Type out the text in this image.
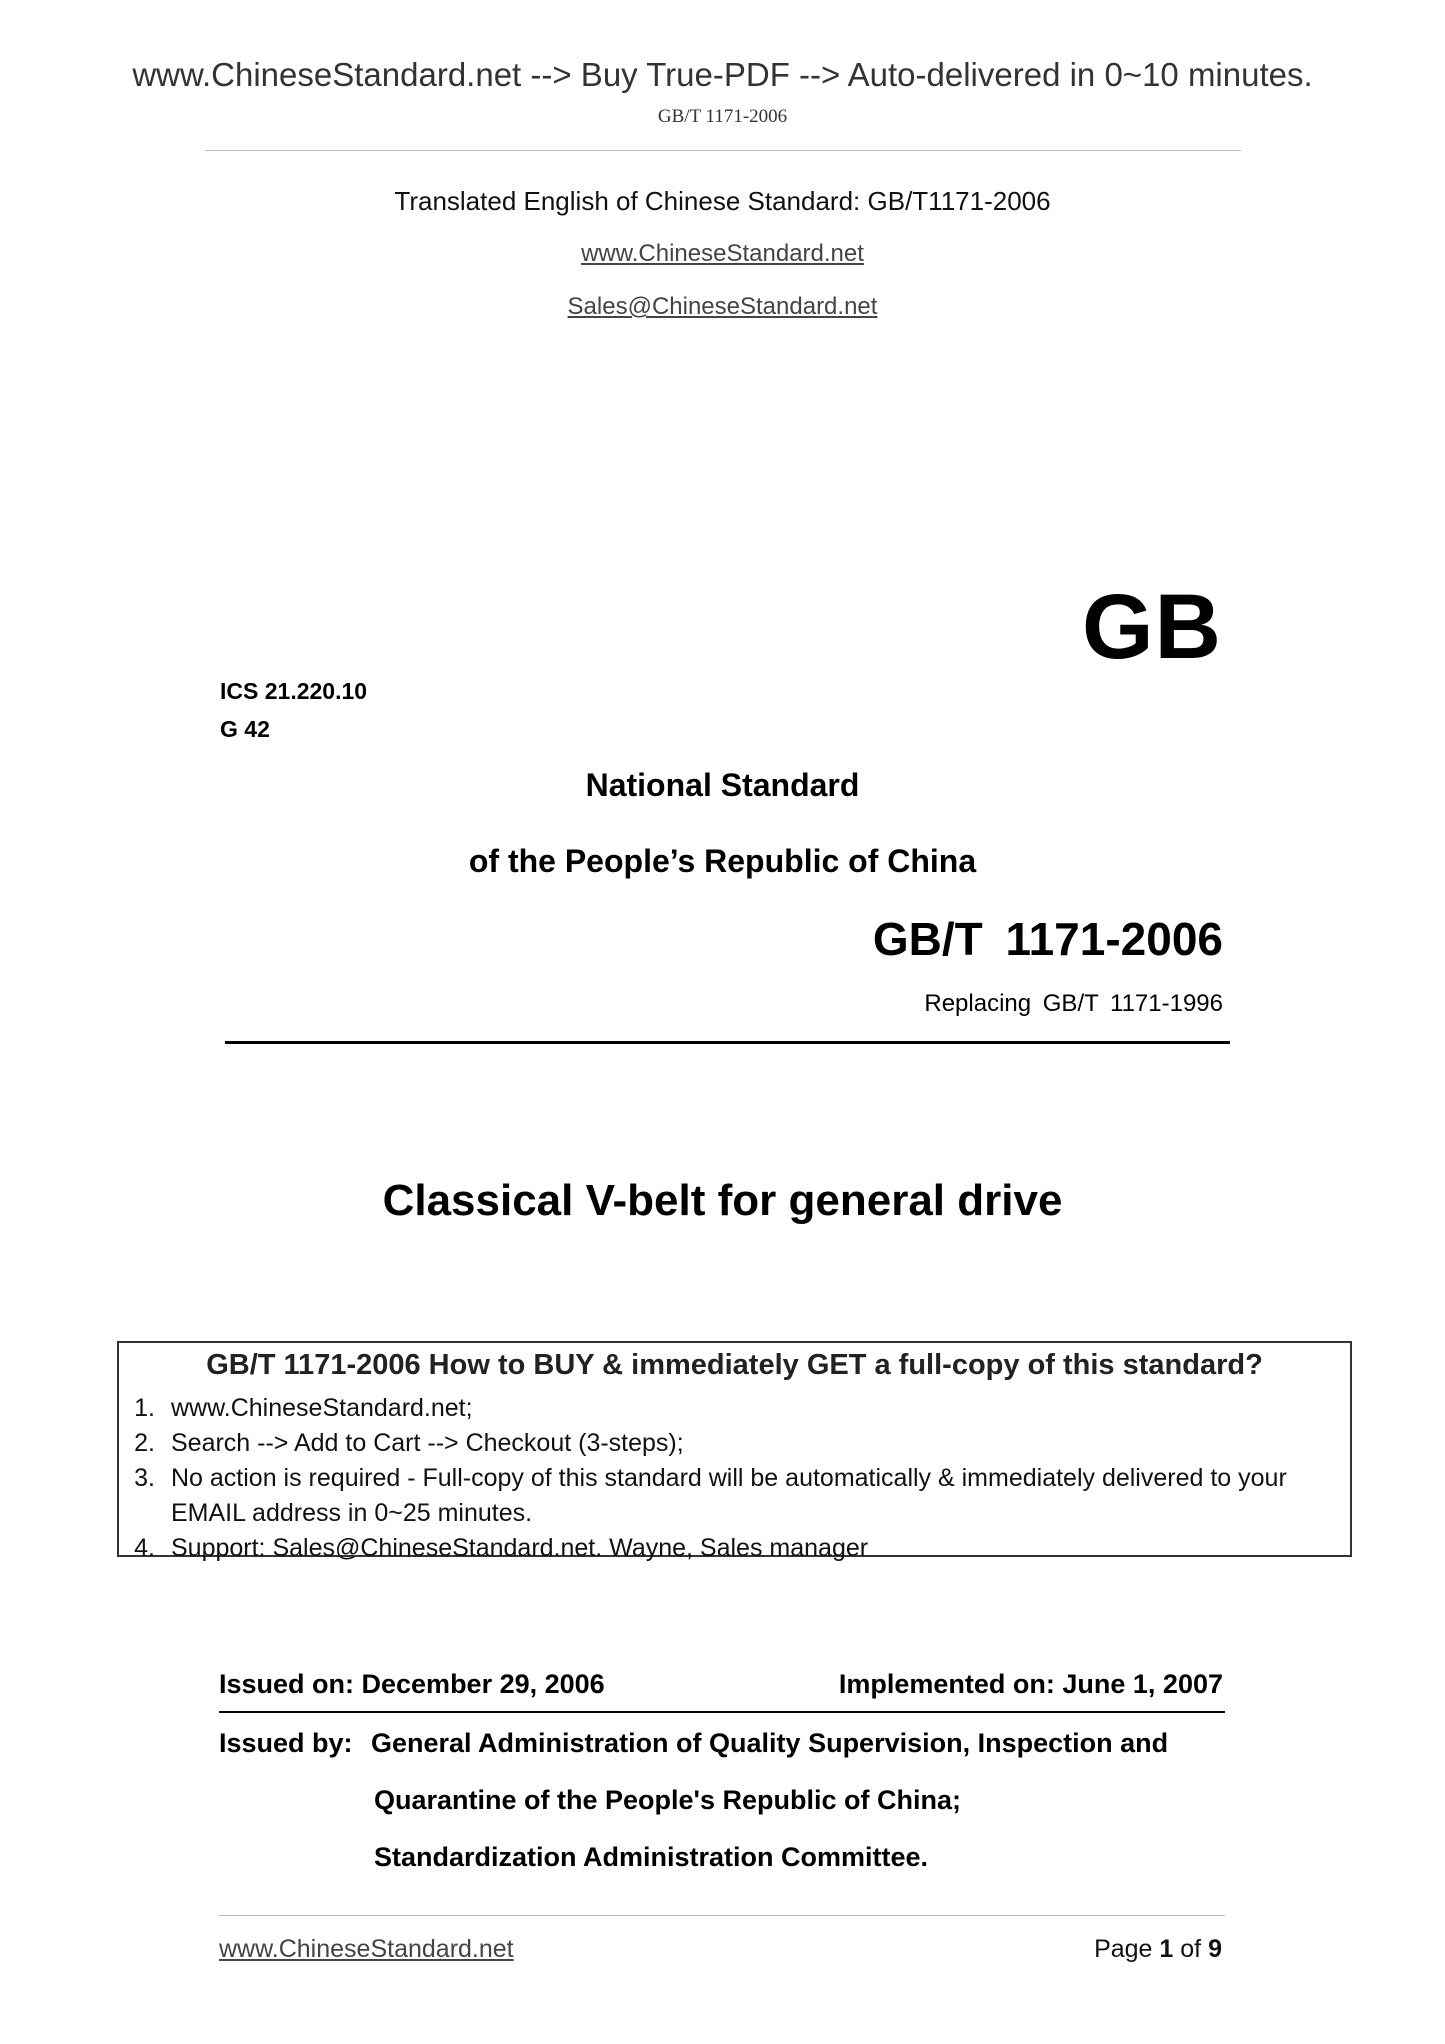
www.ChineseStandard.net --> Buy True-PDF --> Auto-delivered in 0~10 minutes.
GB/T 1171-2006
Translated English of Chinese Standard: GB/T1171-2006
www.ChineseStandard.net
Sales@ChineseStandard.net
GB
ICS 21.220.10
G 42
National Standard
of the People’s Republic of China
GB/T 1171-2006
Replacing GB/T 1171-1996
Classical V-belt for general drive
GB/T 1171-2006 How to BUY & immediately GET a full-copy of this standard?
1. www.ChineseStandard.net;
2. Search --> Add to Cart --> Checkout (3-steps);
3. No action is required - Full-copy of this standard will be automatically & immediately delivered to your EMAIL address in 0~25 minutes.
4. Support: Sales@ChineseStandard.net. Wayne, Sales manager
Issued on: December 29, 2006	Implemented on: June 1, 2007
Issued by: General Administration of Quality Supervision, Inspection and
Quarantine of the People's Republic of China;
Standardization Administration Committee.
www.ChineseStandard.net	Page 1 of 9
